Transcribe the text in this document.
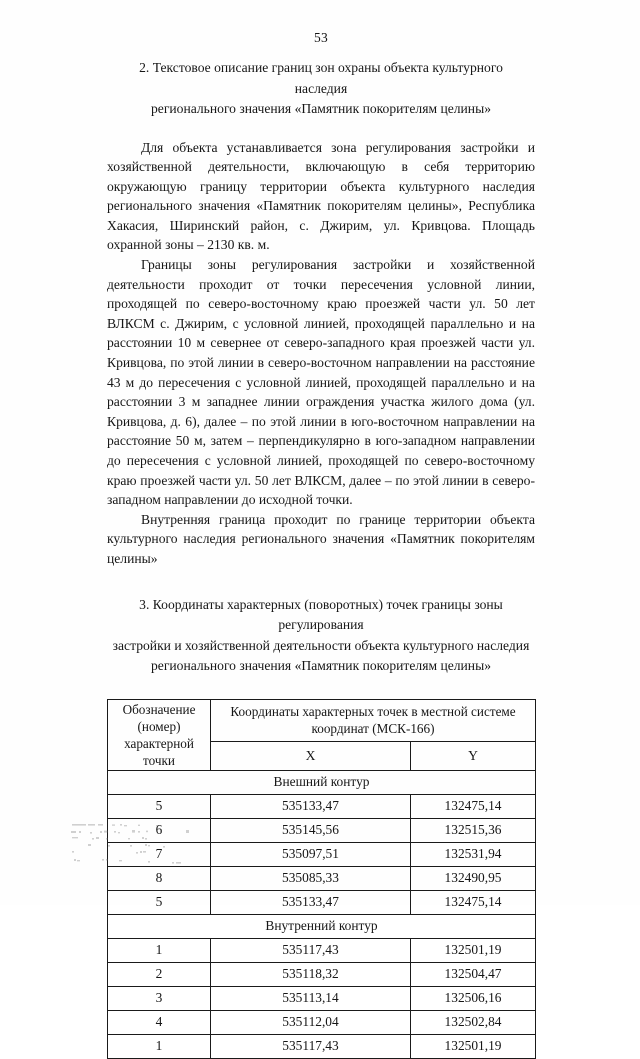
53
2. Текстовое описание границ зон охраны объекта культурного наследия
регионального значения «Памятник покорителям целины»

Для объекта устанавливается зона регулирования застройки и хозяйственной деятельности, включающую в себя территорию окружающую границу территории объекта культурного наследия регионального значения «Памятник покорителям целины», Республика Хакасия, Ширинский район, с. Джирим, ул. Кривцова. Площадь охранной зоны – 2130 кв. м.

Границы зоны регулирования застройки и хозяйственной деятельности проходит от точки пересечения условной линии, проходящей по северо-восточному краю проезжей части ул. 50 лет ВЛКСМ с. Джирим, с условной линией, проходящей параллельно и на расстоянии 10 м севернее от северо-западного края проезжей части ул. Кривцова, по этой линии в северо-восточном направлении на расстояние 43 м до пересечения с условной линией, проходящей параллельно и на расстоянии 3 м западнее линии ограждения участка жилого дома (ул. Кривцова, д. 6), далее – по этой линии в юго-восточном направлении на расстояние 50 м, затем – перпендикулярно в юго-западном направлении до пересечения с условной линией, проходящей по северо-восточному краю проезжей части ул. 50 лет ВЛКСМ, далее – по этой линии в северо-западном направлении до исходной точки.

Внутренняя граница проходит по границе территории объекта культурного наследия регионального значения «Памятник покорителям целины»

3. Координаты характерных (поворотных) точек границы зоны регулирования
застройки и хозяйственной деятельности объекта культурного наследия
регионального значения «Памятник покорителям целины»
Обозначение
(номер)
характерной точки

Координаты характерных точек в местной системе
координат (МСК-166)

	X	Y
Внешний контур		
5	535133,47	132475,14
6	535145,56	132515,36
7	535097,51	132531,94
8	535085,33	132490,95
5	535133,47	132475,14
Внутренний контур		
1	535117,43	132501,19
2	535118,32	132504,47
3	535113,14	132506,16
4	535112,04	132502,84
1	535117,43	132501,19
